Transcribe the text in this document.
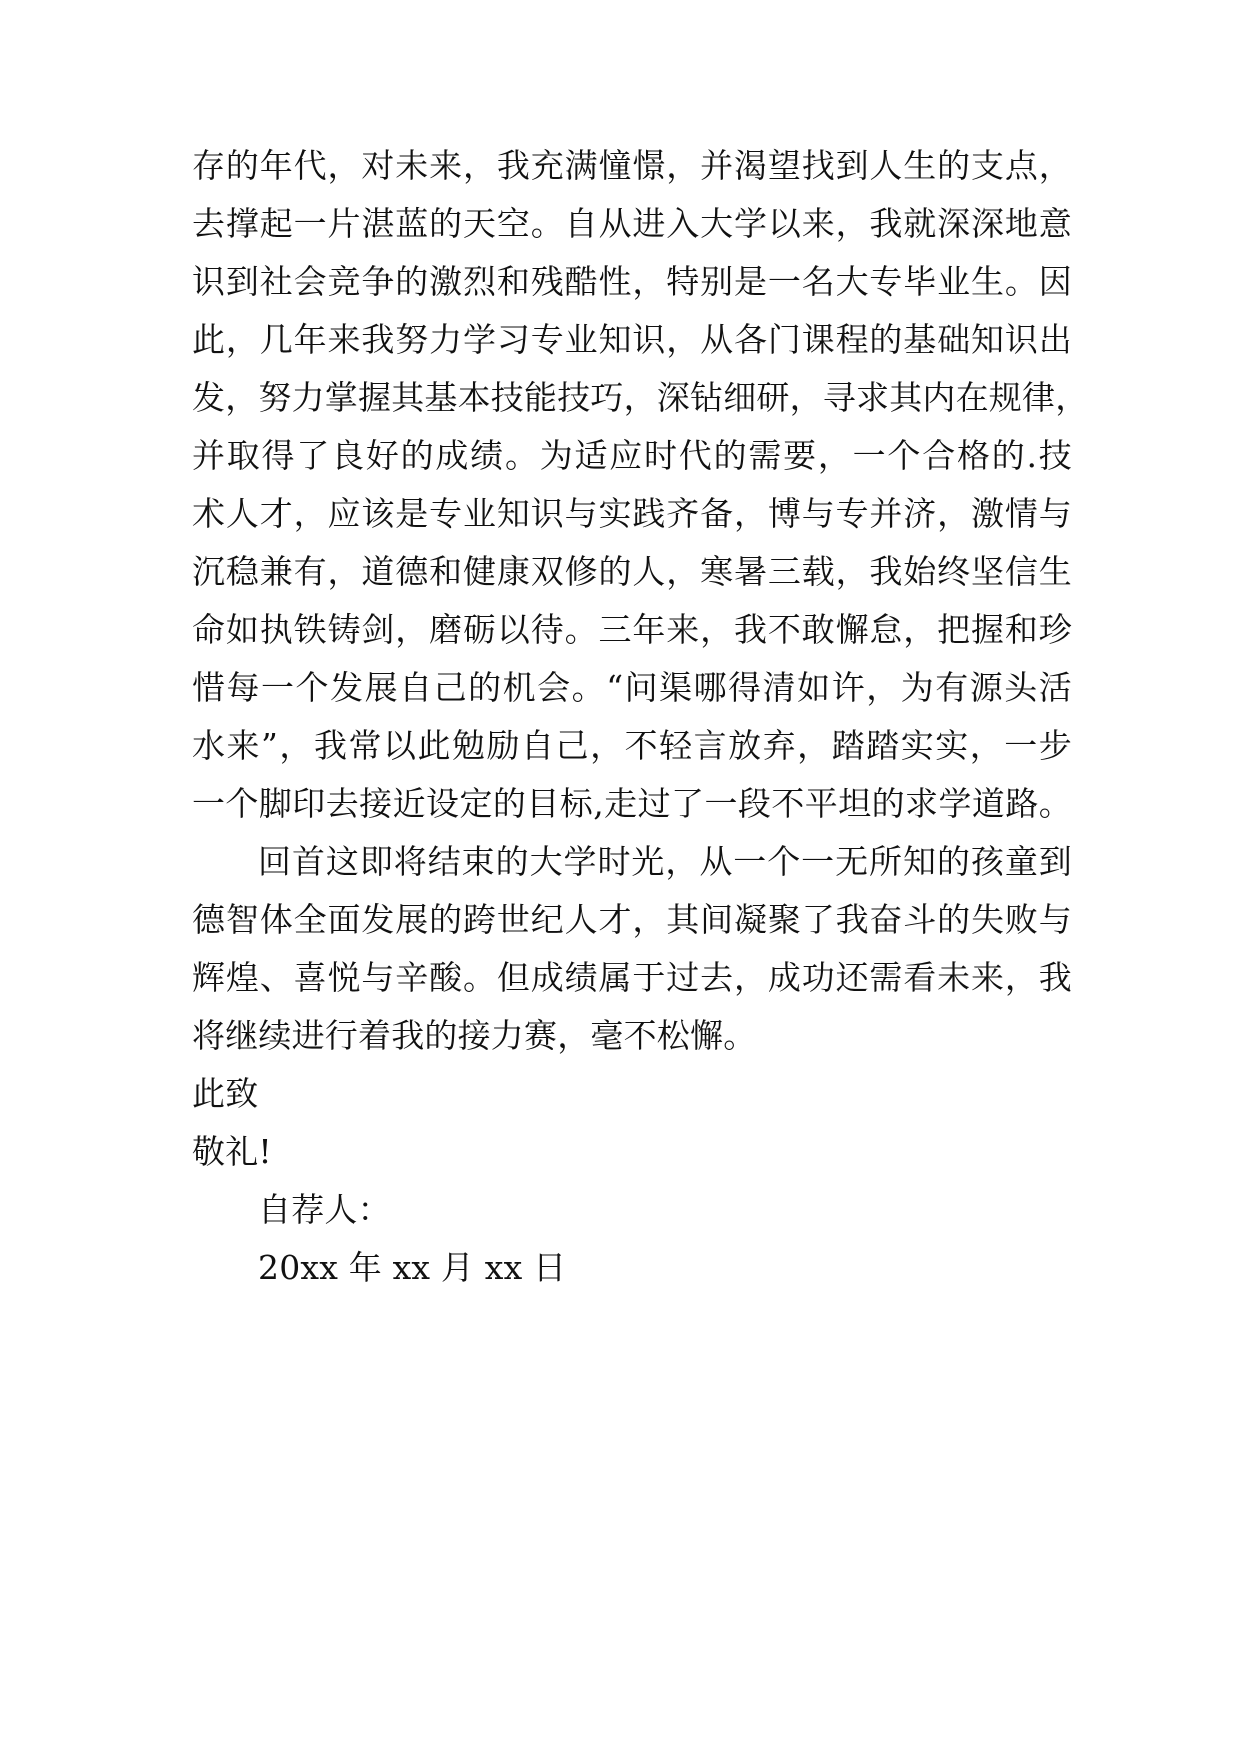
存的年代，对未来，我充满憧憬，并渴望找到人生的支点，
去撑起一片湛蓝的天空。自从进入大学以来，我就深深地意
识到社会竞争的激烈和残酷性，特别是一名大专毕业生。因
此，几年来我努力学习专业知识，从各门课程的基础知识出
发，努力掌握其基本技能技巧，深钻细研，寻求其内在规律，
并取得了良好的成绩。为适应时代的需要，一个合格的.技
术人才，应该是专业知识与实践齐备，博与专并济，激情与
沉稳兼有，道德和健康双修的人，寒暑三载，我始终坚信生
命如执铁铸剑，磨砺以待。三年来，我不敢懈怠，把握和珍
惜每一个发展自己的机会。“问渠哪得清如许，为有源头活
水来”，我常以此勉励自己，不轻言放弃，踏踏实实，一步
一个脚印去接近设定的目标,走过了一段不平坦的求学道路。
回首这即将结束的大学时光，从一个一无所知的孩童到
德智体全面发展的跨世纪人才，其间凝聚了我奋斗的失败与
辉煌、喜悦与辛酸。但成绩属于过去，成功还需看未来，我
将继续进行着我的接力赛，毫不松懈。
此致
敬礼!
自荐人：
20xx 年 xx 月 xx 日
